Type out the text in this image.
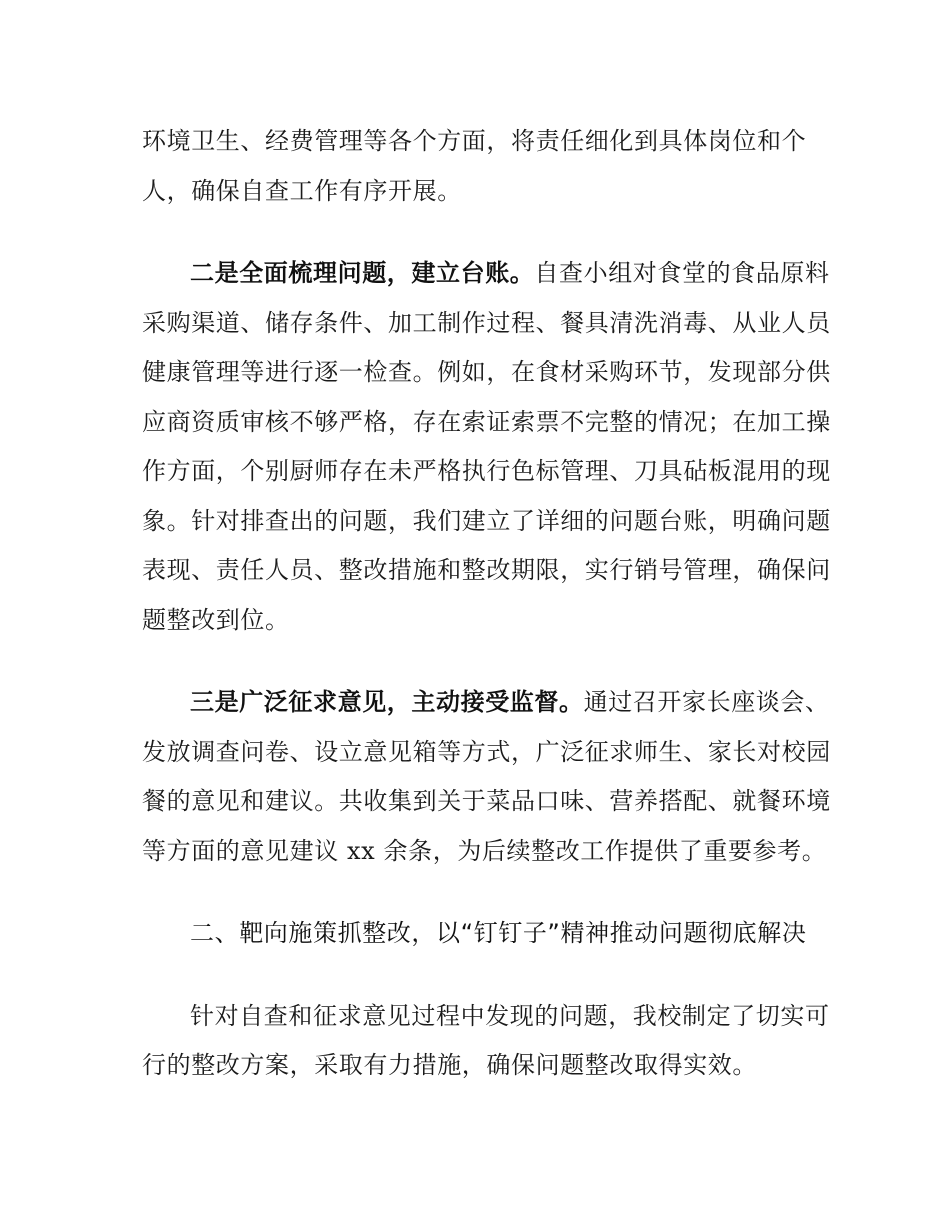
环境卫生、经费管理等各个方面，将责任细化到具体岗位和个人，确保自查工作有序开展。

二是全面梳理问题，建立台账。自查小组对食堂的食品原料采购渠道、储存条件、加工制作过程、餐具清洗消毒、从业人员健康管理等进行逐一检查。例如，在食材采购环节，发现部分供应商资质审核不够严格，存在索证索票不完整的情况；在加工操作方面，个别厨师存在未严格执行色标管理、刀具砧板混用的现象。针对排查出的问题，我们建立了详细的问题台账，明确问题表现、责任人员、整改措施和整改期限，实行销号管理，确保问题整改到位。

三是广泛征求意见，主动接受监督。通过召开家长座谈会、发放调查问卷、设立意见箱等方式，广泛征求师生、家长对校园餐的意见和建议。共收集到关于菜品口味、营养搭配、就餐环境等方面的意见建议 xx 余条，为后续整改工作提供了重要参考。

二、靶向施策抓整改，以“钉钉子”精神推动问题彻底解决

针对自查和征求意见过程中发现的问题，我校制定了切实可行的整改方案，采取有力措施，确保问题整改取得实效。
